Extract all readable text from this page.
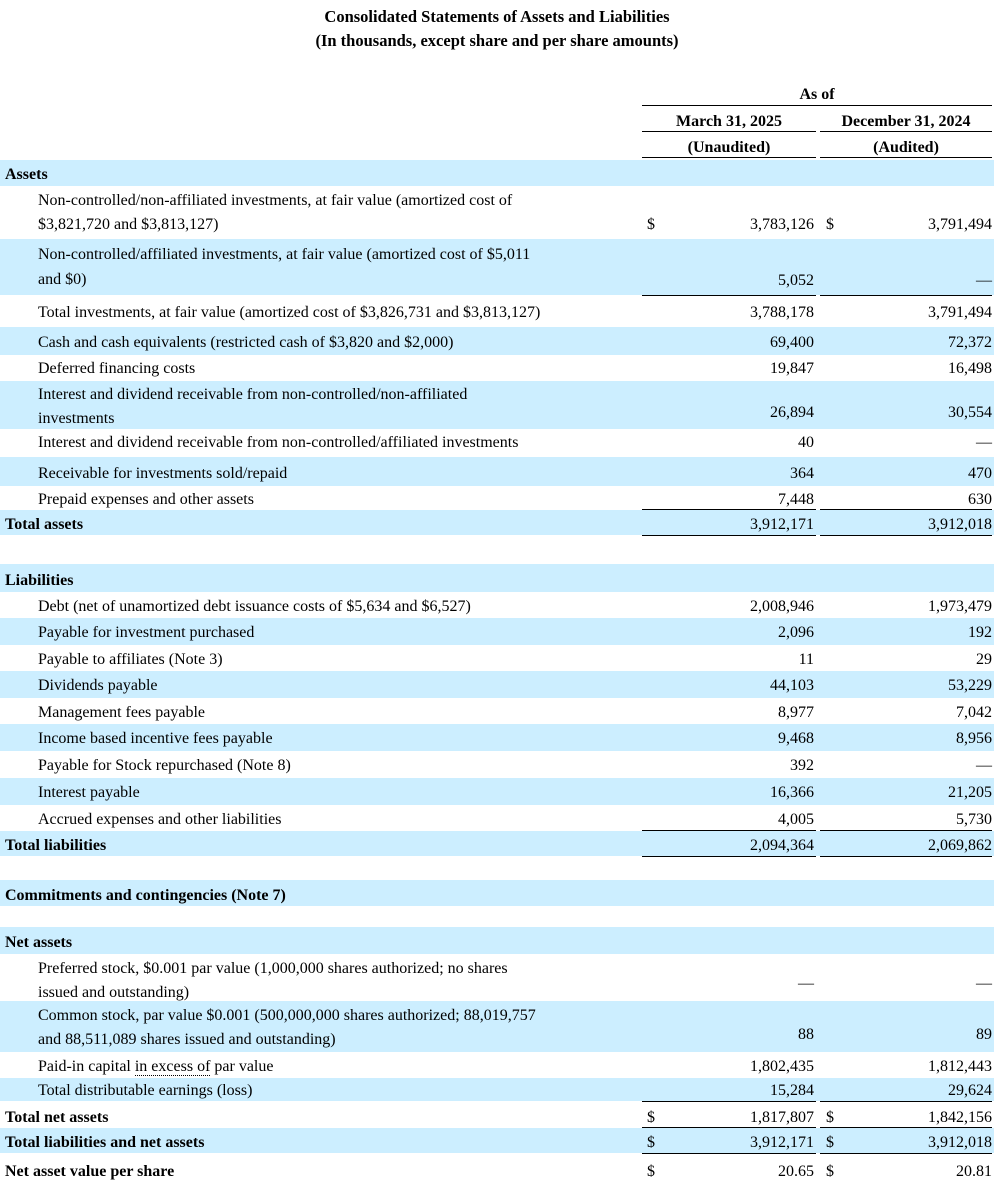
Consolidated Statements of Assets and Liabilities
(In thousands, except share and per share amounts)
As of
March 31, 2025	December 31, 2024
(Unaudited)	(Audited)
Assets
Non-controlled/non-affiliated investments, at fair value (amortized cost of
$3,821,720 and $3,813,127)	$	3,783,126 $	3,791,494
Non-controlled/affiliated investments, at fair value (amortized cost of $5,011
and $0)	5,052	—
Total investments, at fair value (amortized cost of $3,826,731 and $3,813,127)	3,788,178	3,791,494
Cash and cash equivalents (restricted cash of $3,820 and $2,000)	69,400	72,372
Deferred financing costs	19,847	16,498
Interest and dividend receivable from non-controlled/non-affiliated
investments	26,894	30,554
Interest and dividend receivable from non-controlled/affiliated investments	40	—
Receivable for investments sold/repaid	364	470
Prepaid expenses and other assets	7,448	630
Total assets	3,912,171	3,912,018
Liabilities
Debt (net of unamortized debt issuance costs of $5,634 and $6,527)	2,008,946	1,973,479
Payable for investment purchased	2,096	192
Payable to affiliates (Note 3)	11	29
Dividends payable	44,103	53,229
Management fees payable	8,977	7,042
Income based incentive fees payable	9,468	8,956
Payable for Stock repurchased (Note 8)	392	—
Interest payable	16,366	21,205
Accrued expenses and other liabilities	4,005	5,730
Total liabilities	2,094,364	2,069,862
Commitments and contingencies (Note 7)
Net assets
Preferred stock, $0.001 par value (1,000,000 shares authorized; no shares
issued and outstanding)
—	—
Common stock, par value $0.001 (500,000,000 shares authorized; 88,019,757
and 88,511,089 shares issued and outstanding)	88	89
Paid-in capital in excess of par value	1,802,435	1,812,443
Total distributable earnings (loss)	15,284	29,624
Total net assets	$	1,817,807 $	1,842,156
Total liabilities and net assets	$	3,912,171 $	3,912,018
Net asset value per share	$	20.65 $	20.81
